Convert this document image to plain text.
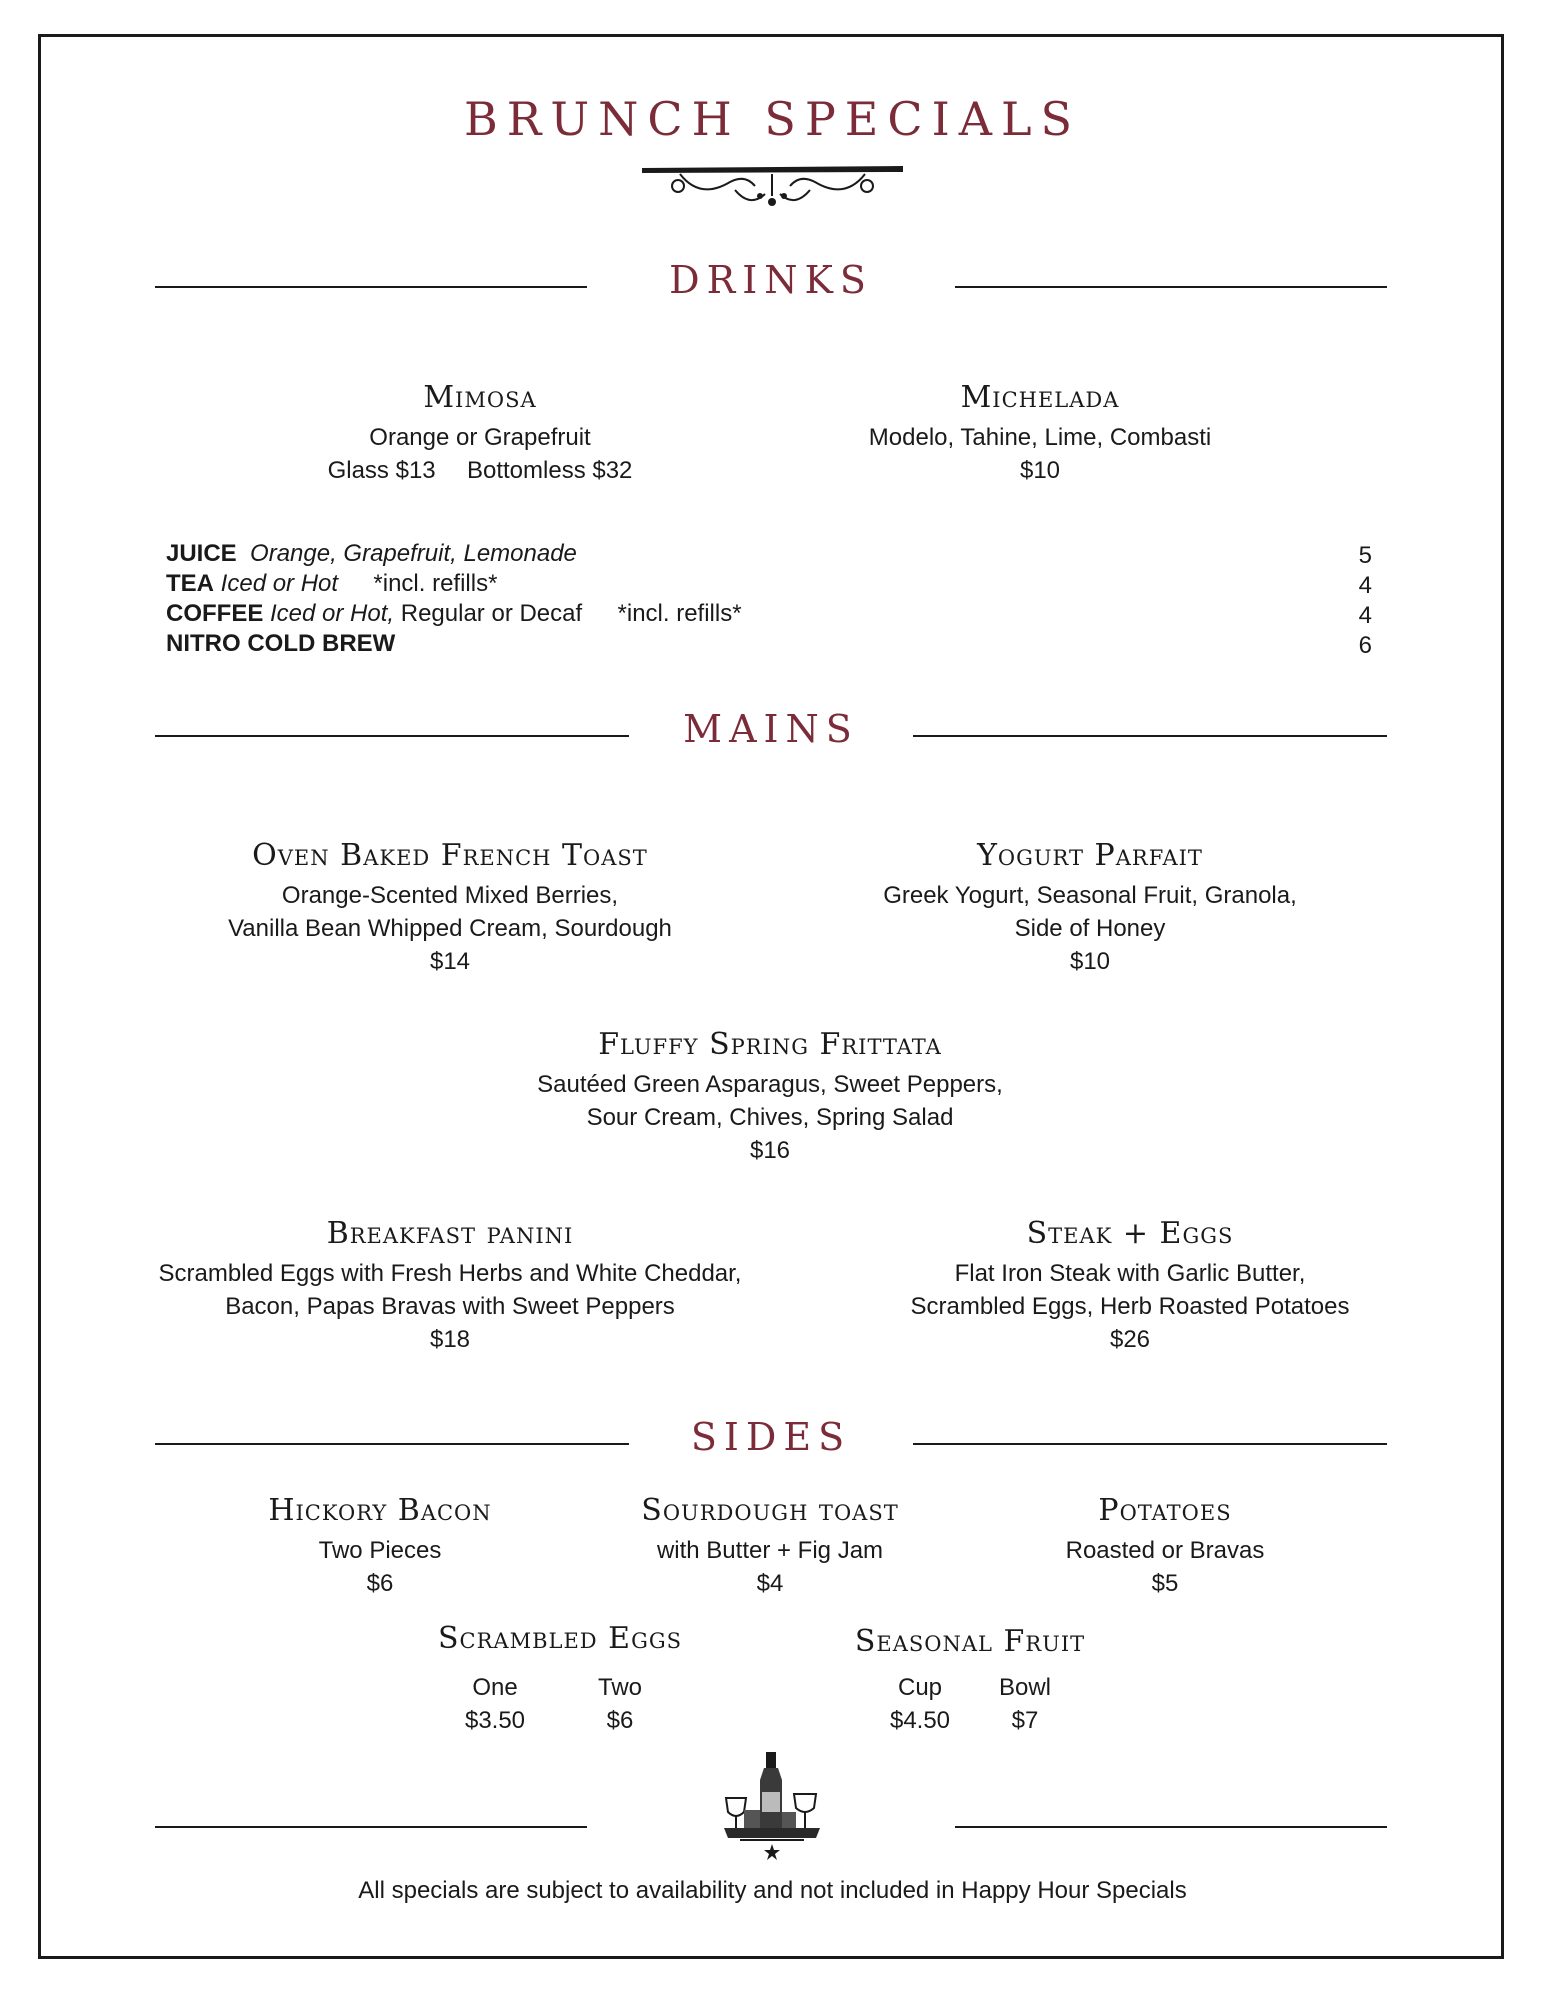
BRUNCH SPECIALS
DRINKS
Mimosa
Orange or Grapefruit
Glass $13 Bottomless $32
Michelada
Modelo, Tahine, Lime, Combasti
$10
JUICE Orange, Grapefruit, Lemonade
TEA Iced or Hot *incl. refills*
COFFEE Iced or Hot, Regular or Decaf *incl. refills*
NITRO COLD BREW
5
4
4
6
MAINS
Oven Baked French Toast
Orange-Scented Mixed Berries,
Vanilla Bean Whipped Cream, Sourdough
$14
Yogurt Parfait
Greek Yogurt, Seasonal Fruit, Granola,
Side of Honey
$10
Fluffy Spring Frittata
Sautéed Green Asparagus, Sweet Peppers,
Sour Cream, Chives, Spring Salad
$16
Breakfast panini
Scrambled Eggs with Fresh Herbs and White Cheddar,
Bacon, Papas Bravas with Sweet Peppers
$18
Steak + Eggs
Flat Iron Steak with Garlic Butter,
Scrambled Eggs, Herb Roasted Potatoes
$26
SIDES
Hickory Bacon
Two Pieces
$6
Sourdough toast
with Butter + Fig Jam
$4
Potatoes
Roasted or Bravas
$5
Scrambled Eggs
One
$3.50
Two
$6
Seasonal Fruit
Cup
$4.50
Bowl
$7
All specials are subject to availability and not included in Happy Hour Specials
